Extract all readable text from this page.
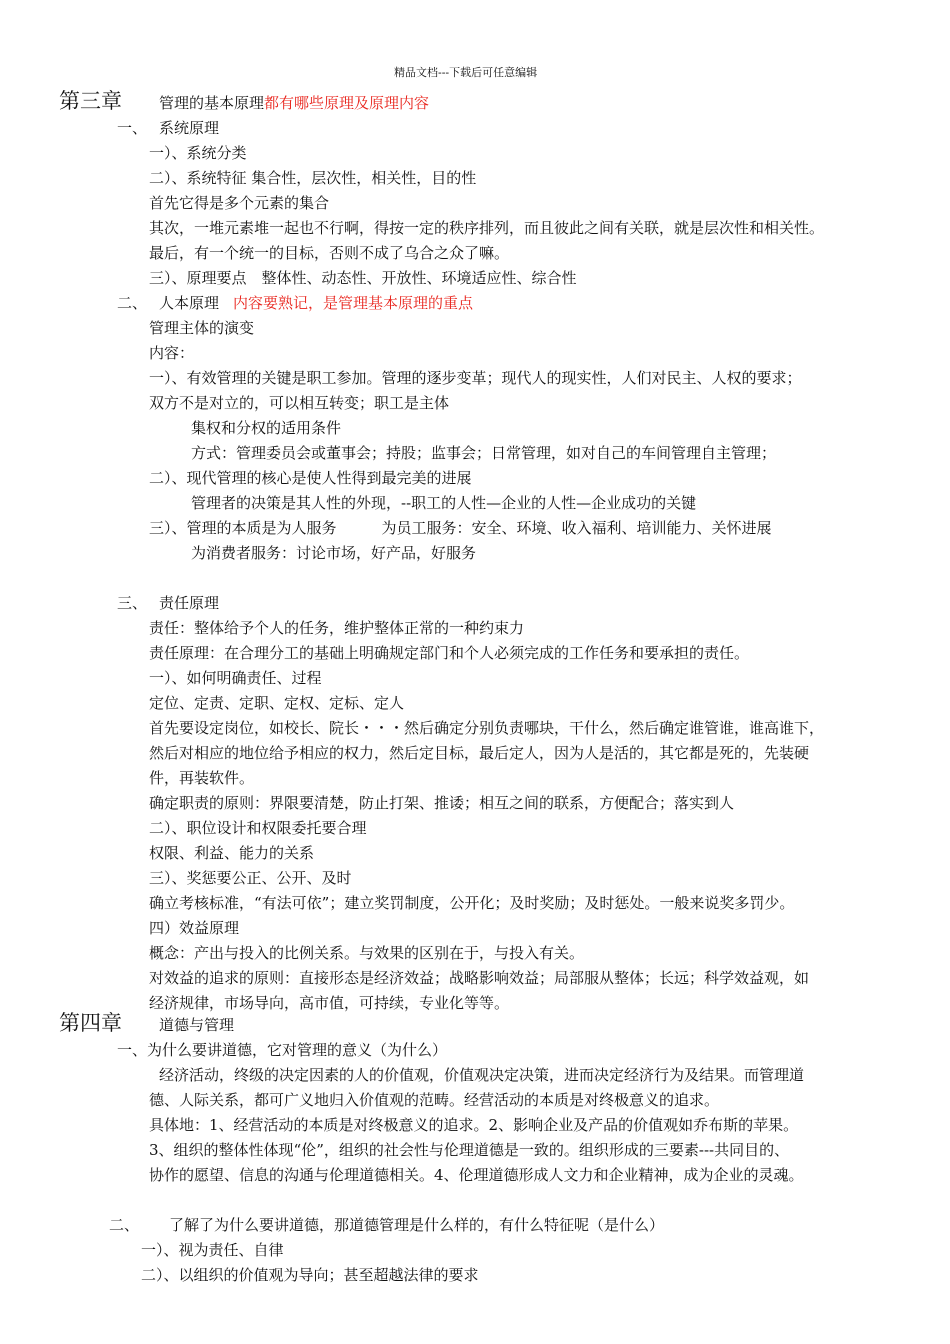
精品文档---下载后可任意编辑
第三章 管理的基本原理都有哪些原理及原理内容
一、 系统原理
一）、系统分类
二）、系统特征 集合性，层次性，相关性，目的性
首先它得是多个元素的集合
其次，一堆元素堆一起也不行啊，得按一定的秩序排列，而且彼此之间有关联，就是层次性和相关性。
最后，有一个统一的目标，否则不成了乌合之众了嘛。
三）、原理要点　整体性、动态性、开放性、环境适应性、综合性
二、 人本原理 内容要熟记，是管理基本原理的重点
管理主体的演变
内容：
一）、有效管理的关键是职工参加。管理的逐步变革；现代人的现实性，人们对民主、人权的要求；
双方不是对立的，可以相互转变；职工是主体
集权和分权的适用条件
方式：管理委员会或董事会；持股；监事会；日常管理，如对自己的车间管理自主管理；
二）、现代管理的核心是使人性得到最完美的进展
管理者的决策是其人性的外现，--职工的人性—企业的人性—企业成功的关键
三）、管理的本质是为人服务　　　为员工服务：安全、环境、收入福利、培训能力、关怀进展
为消费者服务：讨论市场，好产品，好服务
三、 责任原理
责任：整体给予个人的任务，维护整体正常的一种约束力
责任原理：在合理分工的基础上明确规定部门和个人必须完成的工作任务和要承担的责任。
一）、如何明确责任、过程
定位、定责、定职、定权、定标、定人
首先要设定岗位，如校长、院长・・・然后确定分别负责哪块，干什么，然后确定谁管谁，谁高谁下，
然后对相应的地位给予相应的权力，然后定目标，最后定人，因为人是活的，其它都是死的，先装硬
件，再装软件。
确定职责的原则：界限要清楚，防止打架、推诿；相互之间的联系，方便配合；落实到人
二）、职位设计和权限委托要合理
权限、利益、能力的关系
三）、奖惩要公正、公开、及时
确立考核标准，“有法可依”；建立奖罚制度，公开化；及时奖励；及时惩处。一般来说奖多罚少。
四）效益原理
概念：产出与投入的比例关系。与效果的区别在于，与投入有关。
对效益的追求的原则：直接形态是经济效益；战略影响效益；局部服从整体；长远；科学效益观，如
经济规律，市场导向，高市值，可持续，专业化等等。
第四章 道德与管理
一、为什么要讲道德，它对管理的意义（为什么）
经济活动，终级的决定因素的人的价值观，价值观决定决策，进而决定经济行为及结果。而管理道
德、人际关系，都可广义地归入价值观的范畴。经营活动的本质是对终极意义的追求。
具体地：1、经营活动的本质是对终极意义的追求。2、影响企业及产品的价值观如乔布斯的苹果。
3、组织的整体性体现“伦”，组织的社会性与伦理道德是一致的。组织形成的三要素---共同目的、
协作的愿望、信息的沟通与伦理道德相关。4、伦理道德形成人文力和企业精神，成为企业的灵魂。
二、 了解了为什么要讲道德，那道德管理是什么样的，有什么特征呢（是什么）
一）、视为责任、自律
二）、以组织的价值观为导向；甚至超越法律的要求
